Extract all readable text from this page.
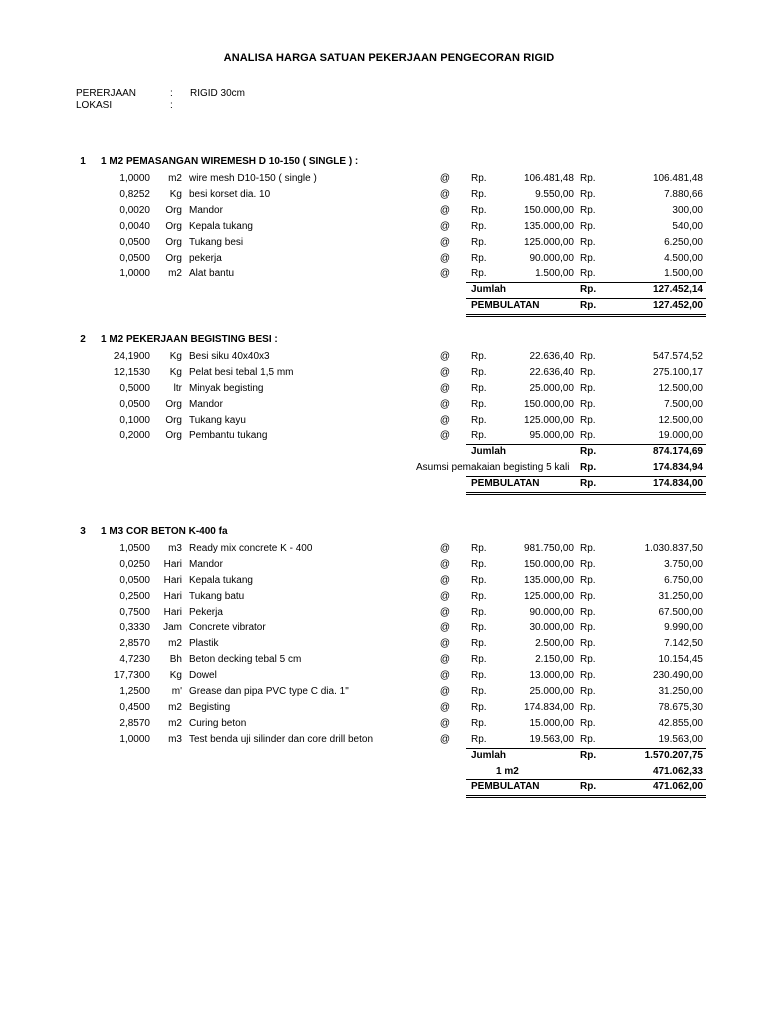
ANALISA HARGA SATUAN PEKERJAAN PENGECORAN RIGID
PERERJAAN	: RIGID 30cm
LOKASI	:
1	1 M2 PEMASANGAN WIREMESH D 10-150 ( SINGLE ) :
1,0000	m2 wire mesh D10-150 ( single )	@	Rp.	106.481,48 Rp.	106.481,48
0,8252	Kg besi korset dia. 10	@	Rp.	9.550,00 Rp.	7.880,66
0,0020	Org Mandor	@	Rp.	150.000,00 Rp.	300,00
0,0040	Org Kepala tukang	@	Rp.	135.000,00 Rp.	540,00
0,0500	Org Tukang besi	@	Rp.	125.000,00 Rp.	6.250,00
0,0500	Org pekerja	@	Rp.	90.000,00 Rp.	4.500,00
1,0000	m2 Alat bantu	@	Rp.	1.500,00 Rp.	1.500,00
Jumlah	Rp.	127.452,14
PEMBULATAN	Rp.	127.452,00
2	1 M2 PEKERJAAN BEGISTING BESI :
24,1900	Kg Besi siku 40x40x3	@	Rp.	22.636,40 Rp.	547.574,52
12,1530	Kg Pelat besi tebal 1,5 mm	@	Rp.	22.636,40 Rp.	275.100,17
0,5000	ltr Minyak begisting	@	Rp.	25.000,00 Rp.	12.500,00
0,0500	Org Mandor	@	Rp.	150.000,00 Rp.	7.500,00
0,1000	Org Tukang kayu	@	Rp.	125.000,00 Rp.	12.500,00
0,2000	Org Pembantu tukang	@	Rp.	95.000,00 Rp.	19.000,00
Jumlah	Rp.	874.174,69
Asumsi pemakaian begisting 5 kali Rp.	174.834,94
PEMBULATAN	Rp.	174.834,00
3	1 M3 COR BETON K-400 fa
1,0500	m3 Ready mix concrete K - 400	@	Rp.	981.750,00 Rp.	1.030.837,50
0,0250	Hari Mandor	@	Rp.	150.000,00 Rp.	3.750,00
0,0500	Hari Kepala tukang	@	Rp.	135.000,00 Rp.	6.750,00
0,2500	Hari Tukang batu	@	Rp.	125.000,00 Rp.	31.250,00
0,7500	Hari Pekerja	@	Rp.	90.000,00 Rp.	67.500,00
0,3330	Jam Concrete vibrator	@	Rp.	30.000,00 Rp.	9.990,00
2,8570	m2 Plastik	@	Rp.	2.500,00 Rp.	7.142,50
4,7230	Bh Beton decking tebal 5 cm	@	Rp.	2.150,00 Rp.	10.154,45
17,7300	Kg Dowel	@	Rp.	13.000,00 Rp.	230.490,00
1,2500	m' Grease dan pipa PVC type C dia. 1"	@	Rp.	25.000,00 Rp.	31.250,00
0,4500	m2 Begisting	@	Rp.	174.834,00 Rp.	78.675,30
2,8570	m2 Curing beton	@	Rp.	15.000,00 Rp.	42.855,00
1,0000	m3 Test benda uji silinder dan core drill beton	@	Rp.	19.563,00 Rp.	19.563,00
Jumlah	Rp.	1.570.207,75
1 m2	471.062,33
PEMBULATAN	Rp.	471.062,00
